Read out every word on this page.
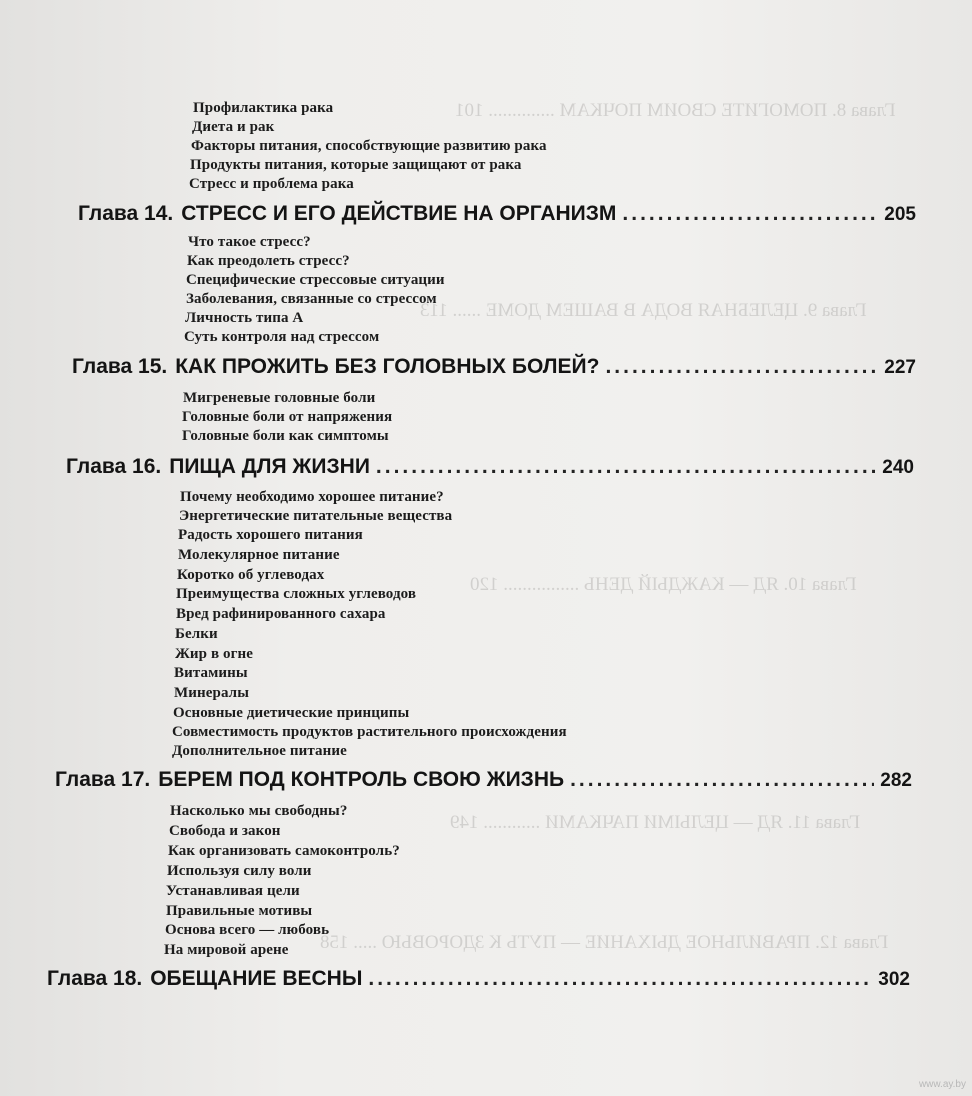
Глава 8. ПОМОГИТЕ СВОИМ ПОЧКАМ .............. 101
Глава 9. ЦЕЛЕБНАЯ ВОДА В ВАШЕМ ДОМЕ ...... 113
Глава 10. ЯД — КАЖДЫЙ ДЕНЬ ................ 120
Глава 11. ЯД — ЦЕЛЫМИ ПАЧКАМИ ............ 149
Глава 12. ПРАВИЛЬНОЕ ДЫХАНИЕ — ПУТЬ К ЗДОРОВЬЮ ..... 158
Профилактика рака
Диета и рак
Факторы питания, способствующие развитию рака
Продукты питания, которые защищают от рака
Стресс и проблема рака
Глава 14. СТРЕСС И ЕГО ДЕЙСТВИЕ НА ОРГАНИЗМ .....	205
Что такое стресс?
Как преодолеть стресс?
Специфические стрессовые ситуации
Заболевания, связанные со стрессом
Личность типа А
Суть контроля над стрессом
Глава 15. КАК ПРОЖИТЬ БЕЗ ГОЛОВНЫХ БОЛЕЙ? .....	227
Мигреневые головные боли
Головные боли от напряжения
Головные боли как симптомы
Глава 16. ПИЩА ДЛЯ ЖИЗНИ .....	240
Почему необходимо хорошее питание?
Энергетические питательные вещества
Радость хорошего питания
Молекулярное питание
Коротко об углеводах
Преимущества сложных углеводов
Вред рафинированного сахара
Белки
Жир в огне
Витамины
Минералы
Основные диетические принципы
Совместимость продуктов растительного происхождения
Дополнительное питание
Глава 17. БЕРЕМ ПОД КОНТРОЛЬ СВОЮ ЖИЗНЬ .....	282
Насколько мы свободны?
Свобода и закон
Как организовать самоконтроль?
Используя силу воли
Устанавливая цели
Правильные мотивы
Основа всего — любовь
На мировой арене
Глава 18. ОБЕЩАНИЕ ВЕСНЫ .....	302
www.ay.by
